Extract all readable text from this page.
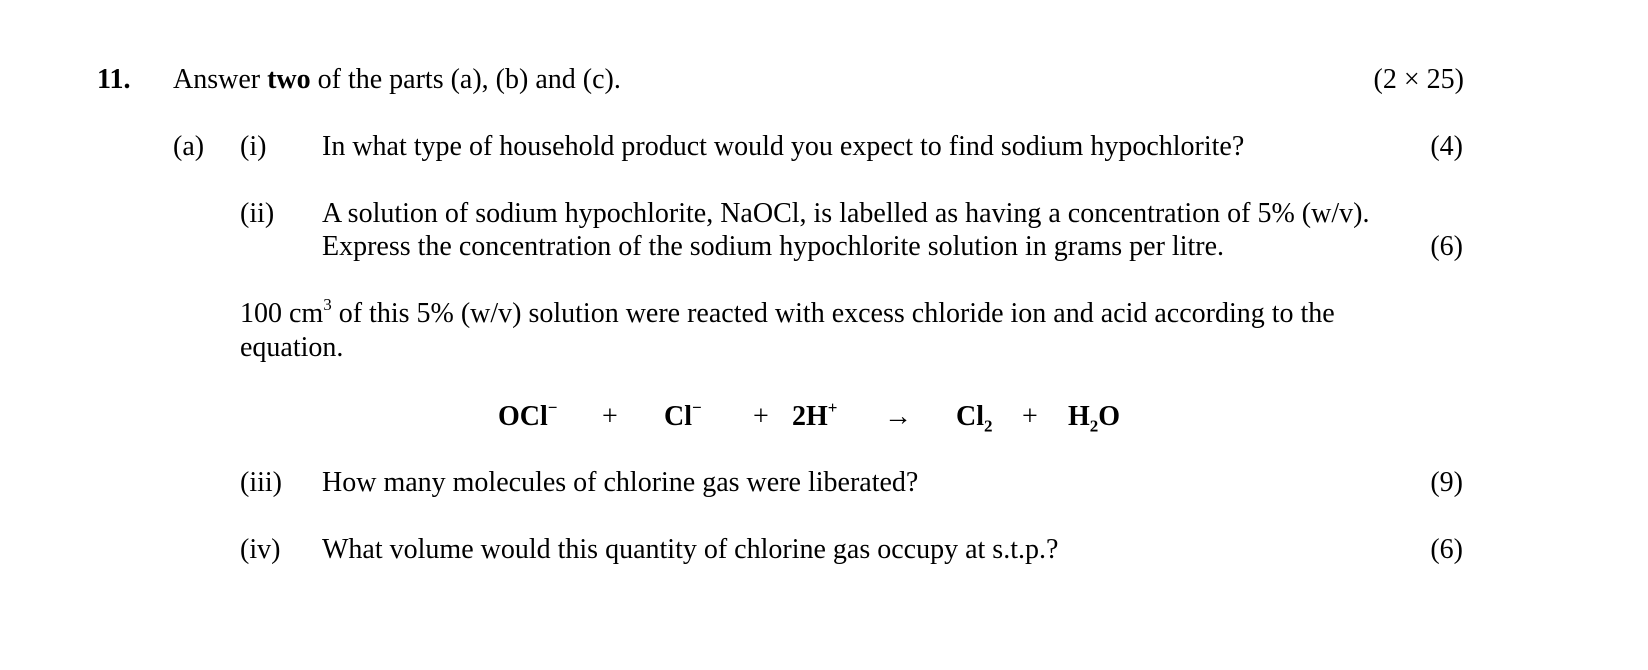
11. Answer two of the parts (a), (b) and (c).	(2 × 25)
(a) (i) In what type of household product would you expect to find sodium hypochlorite?	(4)
(ii) A solution of sodium hypochlorite, NaOCl, is labelled as having a concentration of 5% (w/v).
Express the concentration of the sodium hypochlorite solution in grams per litre.	(6)
100 $cm^3$ of this 5% (w/v) solution were reacted with excess chloride ion and acid according to the
equation.
$OCl^- + Cl^- + 2H^+ \to Cl_2 + H_2O$
(iii) How many molecules of chlorine gas were liberated?	(9)
(iv) What volume would this quantity of chlorine gas occupy at s.t.p.?	(6)
